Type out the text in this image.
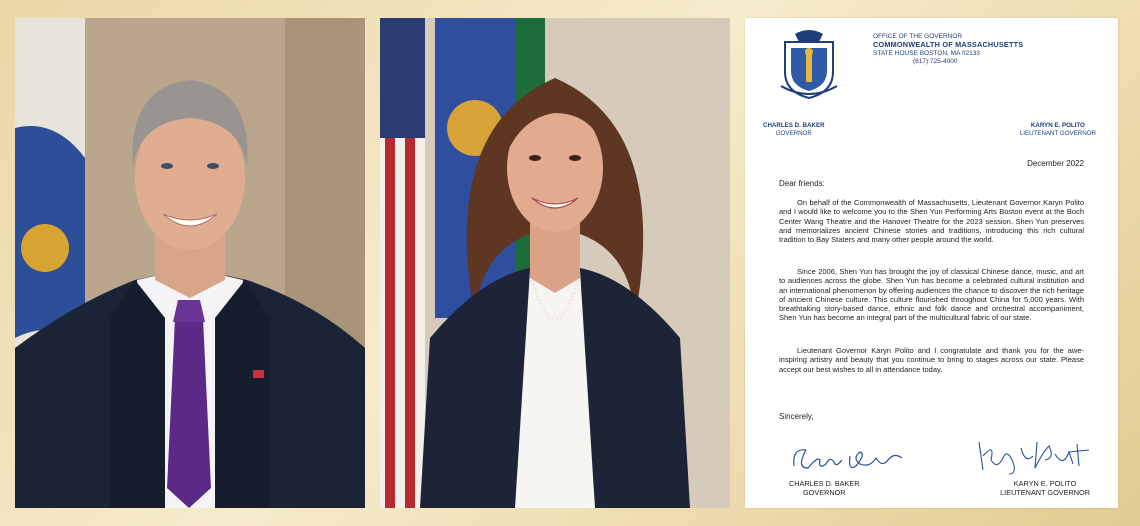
OFFICE OF THE GOVERNOR
COMMONWEALTH OF MASSACHUSETTS
STATE HOUSE BOSTON, MA 02133
(617) 725-4000
CHARLES D. BAKER
GOVERNOR
KARYN E. POLITO
LIEUTENANT GOVERNOR
December 2022
Dear friends:

On behalf of the Commonwealth of Massachusetts, Lieutenant Governor Karyn Polito and I would like to welcome you to the Shen Yun Performing Arts Boston event at the Boch Center Wang Theatre and the Hanover Theatre for the 2023 session. Shen Yun preserves and memorializes ancient Chinese stories and traditions, introducing this rich cultural tradition to Bay Staters and many other people around the world.

Since 2006, Shen Yun has brought the joy of classical Chinese dance, music, and art to audiences across the globe. Shen Yun has become a celebrated cultural institution and an international phenomenon by offering audiences the chance to discover the rich heritage of ancient Chinese culture. This culture flourished throughout China for 5,000 years. With breathtaking story-based dance, ethnic and folk dance and orchestral accompaniment, Shen Yun has become an integral part of the multicultural fabric of our state.

Lieutenant Governor Karyn Polito and I congratulate and thank you for the awe-inspiring artistry and beauty that you continue to bring to stages across our state. Please accept our best wishes to all in attendance today.

Sincerely,
CHARLES D. BAKER
GOVERNOR
KARYN E. POLITO
LIEUTENANT GOVERNOR
